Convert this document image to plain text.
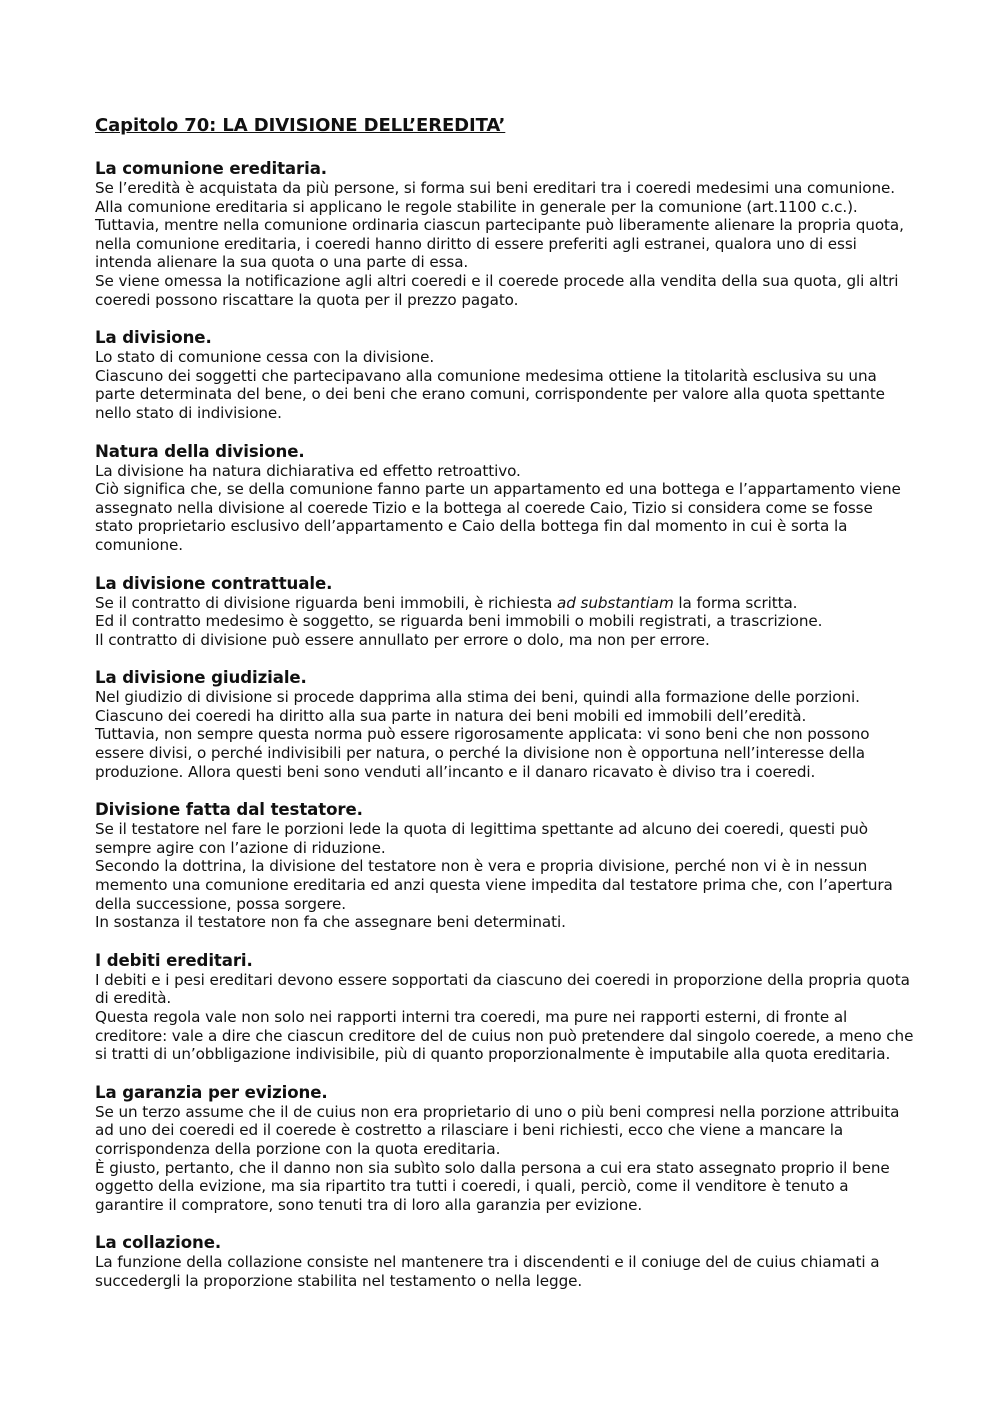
Capitolo 70: LA DIVISIONE DELL’EREDITA’
La comunione ereditaria.

Se l’eredità è acquistata da più persone, si forma sui beni ereditari tra i coeredi medesimi una comunione.

Alla comunione ereditaria si applicano le regole stabilite in generale per la comunione (art.1100 c.c.).

Tuttavia, mentre nella comunione ordinaria ciascun partecipante può liberamente alienare la propria quota, nella comunione ereditaria, i coeredi hanno diritto di essere preferiti agli estranei, qualora uno di essi intenda alienare la sua quota o una parte di essa.

Se viene omessa la notificazione agli altri coeredi e il coerede procede alla vendita della sua quota, gli altri coeredi possono riscattare la quota per il prezzo pagato.

La divisione.

Lo stato di comunione cessa con la divisione.

Ciascuno dei soggetti che partecipavano alla comunione medesima ottiene la titolarità esclusiva su una parte determinata del bene, o dei beni che erano comuni, corrispondente per valore alla quota spettante nello stato di indivisione.

Natura della divisione.

La divisione ha natura dichiarativa ed effetto retroattivo.

Ciò significa che, se della comunione fanno parte un appartamento ed una bottega e l’appartamento viene assegnato nella divisione al coerede Tizio e la bottega al coerede Caio, Tizio si considera come se fosse stato proprietario esclusivo dell’appartamento e Caio della bottega fin dal momento in cui è sorta la comunione.

La divisione contrattuale.

Se il contratto di divisione riguarda beni immobili, è richiesta ad substantiam la forma scritta.

Ed il contratto medesimo è soggetto, se riguarda beni immobili o mobili registrati, a trascrizione.

Il contratto di divisione può essere annullato per errore o dolo, ma non per errore.

La divisione giudiziale.

Nel giudizio di divisione si procede dapprima alla stima dei beni, quindi alla formazione delle porzioni.

Ciascuno dei coeredi ha diritto alla sua parte in natura dei beni mobili ed immobili dell’eredità.

Tuttavia, non sempre questa norma può essere rigorosamente applicata: vi sono beni che non possono essere divisi, o perché indivisibili per natura, o perché la divisione non è opportuna nell’interesse della produzione. Allora questi beni sono venduti all’incanto e il danaro ricavato è diviso tra i coeredi.

Divisione fatta dal testatore.

Se il testatore nel fare le porzioni lede la quota di legittima spettante ad alcuno dei coeredi, questi può sempre agire con l’azione di riduzione.

Secondo la dottrina, la divisione del testatore non è vera e propria divisione, perché non vi è in nessun memento una comunione ereditaria ed anzi questa viene impedita dal testatore prima che, con l’apertura della successione, possa sorgere.

In sostanza il testatore non fa che assegnare beni determinati.

I debiti ereditari.

I debiti e i pesi ereditari devono essere sopportati da ciascuno dei coeredi in proporzione della propria quota di eredità.

Questa regola vale non solo nei rapporti interni tra coeredi, ma pure nei rapporti esterni, di fronte al creditore: vale a dire che ciascun creditore del de cuius non può pretendere dal singolo coerede, a meno che si tratti di un’obbligazione indivisibile, più di quanto proporzionalmente è imputabile alla quota ereditaria.

La garanzia per evizione.

Se un terzo assume che il de cuius non era proprietario di uno o più beni compresi nella porzione attribuita ad uno dei coeredi ed il coerede è costretto a rilasciare i beni richiesti, ecco che viene a mancare la corrispondenza della porzione con la quota ereditaria.

È giusto, pertanto, che il danno non sia subìto solo dalla persona a cui era stato assegnato proprio il bene oggetto della evizione, ma sia ripartito tra tutti i coeredi, i quali, perciò, come il venditore è tenuto a garantire il compratore, sono tenuti tra di loro alla garanzia per evizione.

La collazione.

La funzione della collazione consiste nel mantenere tra i discendenti e il coniuge del de cuius chiamati a succedergli la proporzione stabilita nel testamento o nella legge.
